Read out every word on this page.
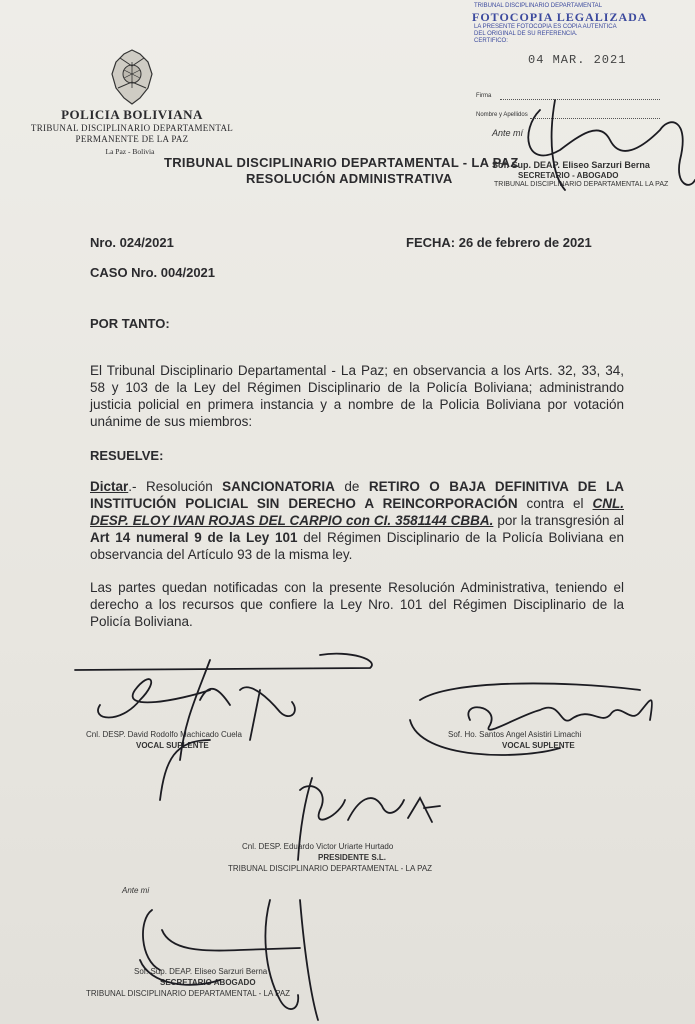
POLICIA BOLIVIANA
TRIBUNAL DISCIPLINARIO DEPARTAMENTAL
PERMANENTE DE LA PAZ
La Paz - Bolivia
TRIBUNAL DISCIPLINARIO DEPARTAMENTAL - LA PAZ
RESOLUCIÓN ADMINISTRATIVA
TRIBUNAL DISCIPLINARIO DEPARTAMENTAL
FOTOCOPIA LEGALIZADA
LA PRESENTE FOTOCOPIA ES COPIA AUTENTICA
DEL ORIGINAL DE SU REFERENCIA.
CERTIFICO:
04 MAR. 2021
Firma
Nombre y Apellidos
Ante mí
Sof. Sup. DEAP. Eliseo Sarzuri Berna
SECRETARIO - ABOGADO
TRIBUNAL DISCIPLINARIO DEPARTAMENTAL LA PAZ
Nro. 024/2021	FECHA: 26 de febrero de 2021
CASO Nro. 004/2021
POR TANTO:
El Tribunal Disciplinario Departamental - La Paz; en observancia a los Arts. 32, 33, 34, 58 y 103 de la Ley del Régimen Disciplinario de la Policía Boliviana; administrando justicia policial en primera instancia y a nombre de la Policia Boliviana por votación unánime de sus miembros:
RESUELVE:
Dictar.- Resolución SANCIONATORIA de RETIRO O BAJA DEFINITIVA DE LA INSTITUCIÓN POLICIAL SIN DERECHO A REINCORPORACIÓN contra el CNL. DESP. ELOY IVAN ROJAS DEL CARPIO con CI. 3581144 CBBA. por la transgresión al Art 14 numeral 9 de la Ley 101 del Régimen Disciplinario de la Policía Boliviana en observancia del Artículo 93 de la misma ley.
Las partes quedan notificadas con la presente Resolución Administrativa, teniendo el derecho a los recursos que confiere la Ley Nro. 101 del Régimen Disciplinario de la Policía Boliviana.
Cnl. DESP. David Rodolfo Machicado Cuela
VOCAL SUPLENTE
Sof. Ho. Santos Angel Asistiri Limachi
VOCAL SUPLENTE
Cnl. DESP. Eduardo Victor Uriarte Hurtado
PRESIDENTE S.L.
TRIBUNAL DISCIPLINARIO DEPARTAMENTAL - LA PAZ
Ante mi
Sof. Sup. DEAP. Eliseo Sarzuri Berna
SECRETARIO ABOGADO
TRIBUNAL DISCIPLINARIO DEPARTAMENTAL - LA PAZ
